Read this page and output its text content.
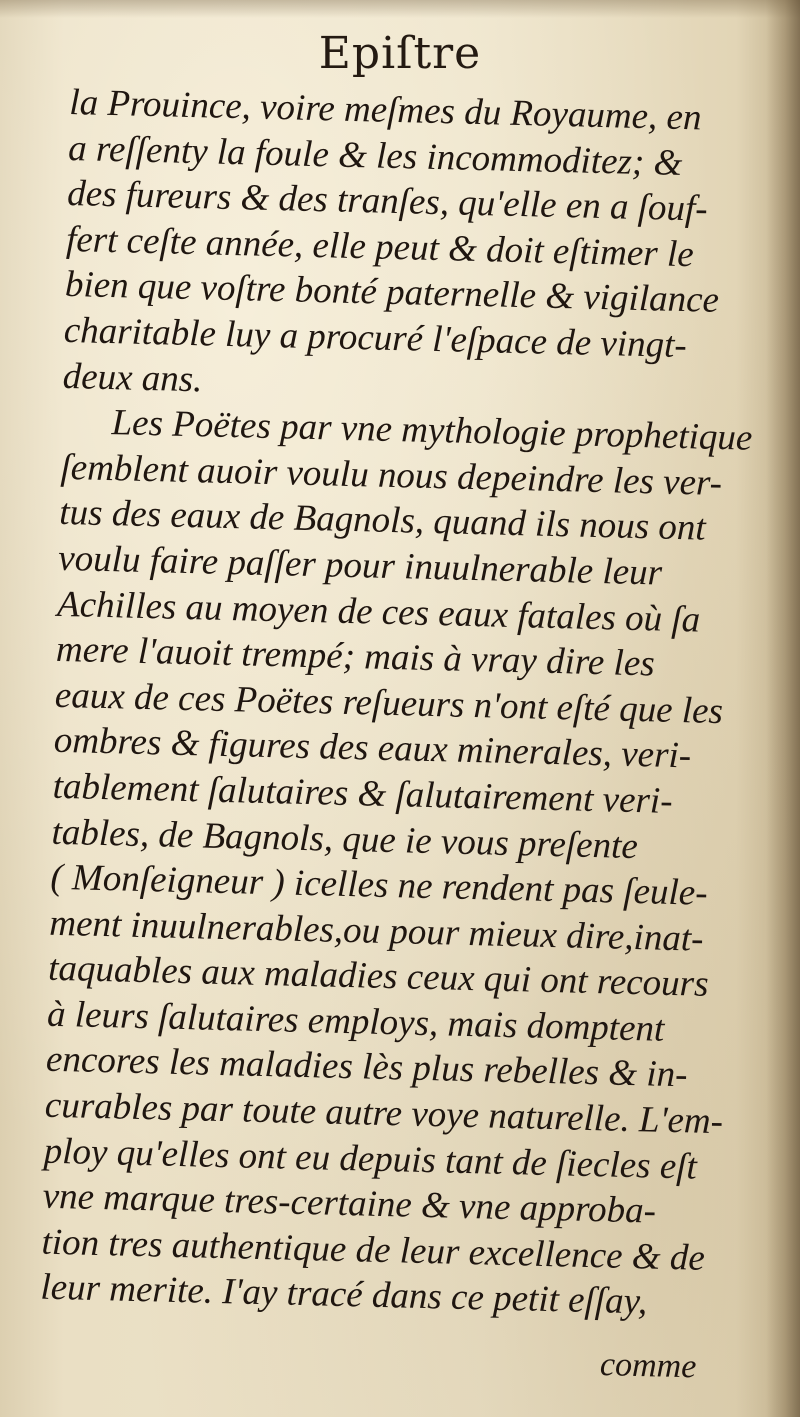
Epiſtre
la Prouince, voire meſmes du Royaume, en
a reſſenty la foule & les incommoditez; &
des fureurs & des tranſes, qu'elle en a ſouf-
fert ceſte année, elle peut & doit eſtimer le
bien que voſtre bonté paternelle & vigilance
charitable luy a procuré l'eſpace de vingt-
deux ans.
Les Poëtes par vne mythologie prophetique
ſemblent auoir voulu nous depeindre les ver-
tus des eaux de Bagnols, quand ils nous ont
voulu faire paſſer pour inuulnerable leur
Achilles au moyen de ces eaux fatales où ſa
mere l'auoit trempé; mais à vray dire les
eaux de ces Poëtes reſueurs n'ont eſté que les
ombres & figures des eaux minerales, veri-
tablement ſalutaires & ſalutairement veri-
tables, de Bagnols, que ie vous preſente
( Monſeigneur ) icelles ne rendent pas ſeule-
ment inuulnerables,ou pour mieux dire,inat-
taquables aux maladies ceux qui ont recours
à leurs ſalutaires employs, mais domptent
encores les maladies lès plus rebelles & in-
curables par toute autre voye naturelle. L'em-
ploy qu'elles ont eu depuis tant de ſiecles eſt
vne marque tres-certaine & vne approba-
tion tres authentique de leur excellence & de
leur merite. I'ay tracé dans ce petit eſſay,
comme
